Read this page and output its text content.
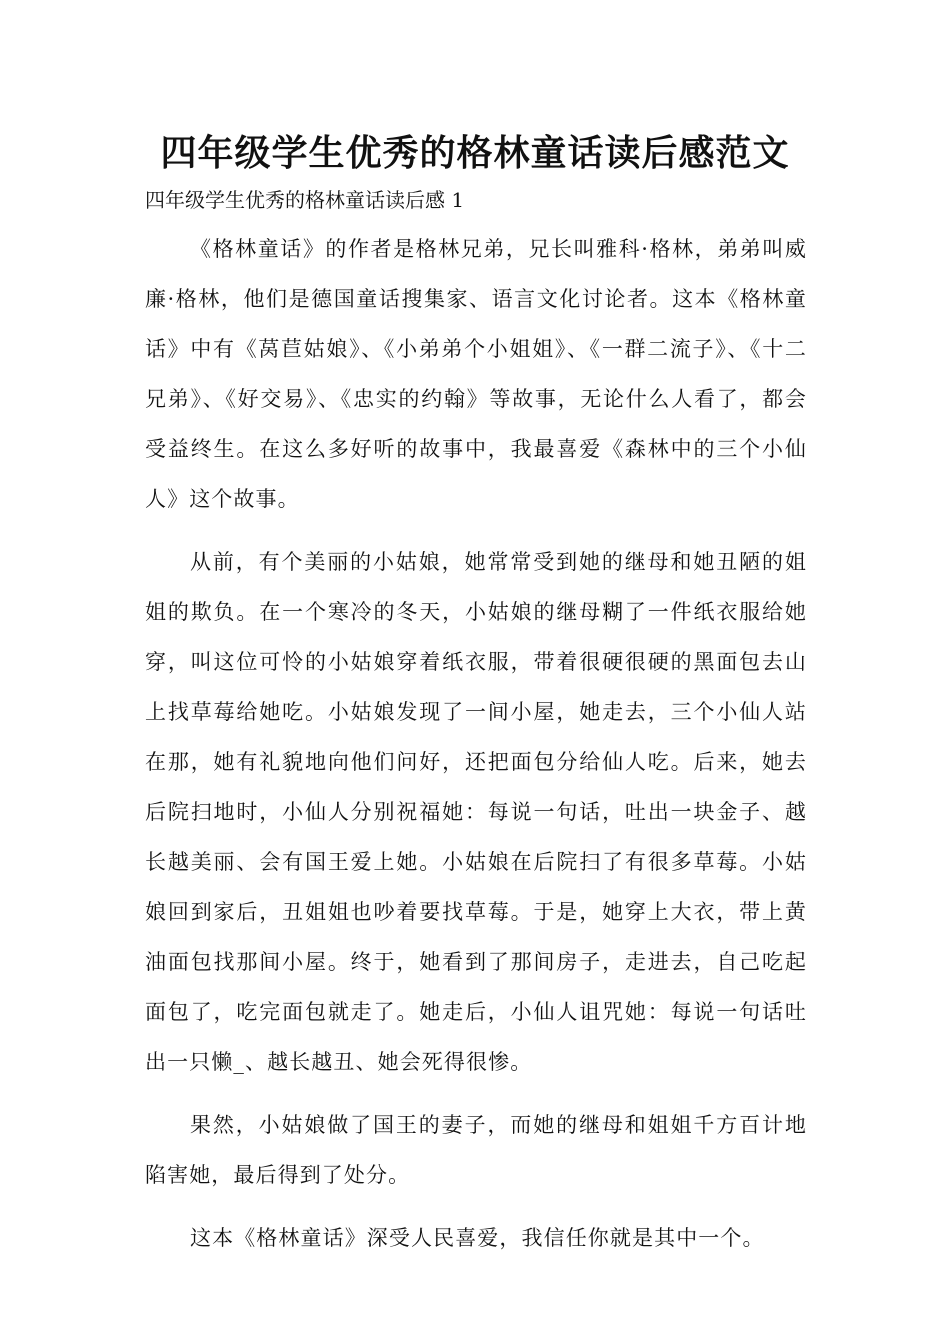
四年级学生优秀的格林童话读后感范文
四年级学生优秀的格林童话读后感 1

《格林童话》的作者是格林兄弟，兄长叫雅科·格林，弟弟叫威廉·格林，他们是德国童话搜集家、语言文化讨论者。这本《格林童话》中有《莴苣姑娘》、《小弟弟个小姐姐》、《一群二流子》、《十二兄弟》、《好交易》、《忠实的约翰》等故事，无论什么人看了，都会受益终生。在这么多好听的故事中，我最喜爱《森林中的三个小仙人》这个故事。

从前，有个美丽的小姑娘，她常常受到她的继母和她丑陋的姐姐的欺负。在一个寒冷的冬天，小姑娘的继母糊了一件纸衣服给她穿，叫这位可怜的小姑娘穿着纸衣服，带着很硬很硬的黑面包去山上找草莓给她吃。小姑娘发现了一间小屋，她走去，三个小仙人站在那，她有礼貌地向他们问好，还把面包分给仙人吃。后来，她去后院扫地时，小仙人分别祝福她：每说一句话，吐出一块金子、越长越美丽、会有国王爱上她。小姑娘在后院扫了有很多草莓。小姑娘回到家后，丑姐姐也吵着要找草莓。于是，她穿上大衣，带上黄油面包找那间小屋。终于，她看到了那间房子，走进去，自己吃起面包了，吃完面包就走了。她走后，小仙人诅咒她：每说一句话吐出一只懒_、越长越丑、她会死得很惨。

果然，小姑娘做了国王的妻子，而她的继母和姐姐千方百计地陷害她，最后得到了处分。

这本《格林童话》深受人民喜爱，我信任你就是其中一个。
